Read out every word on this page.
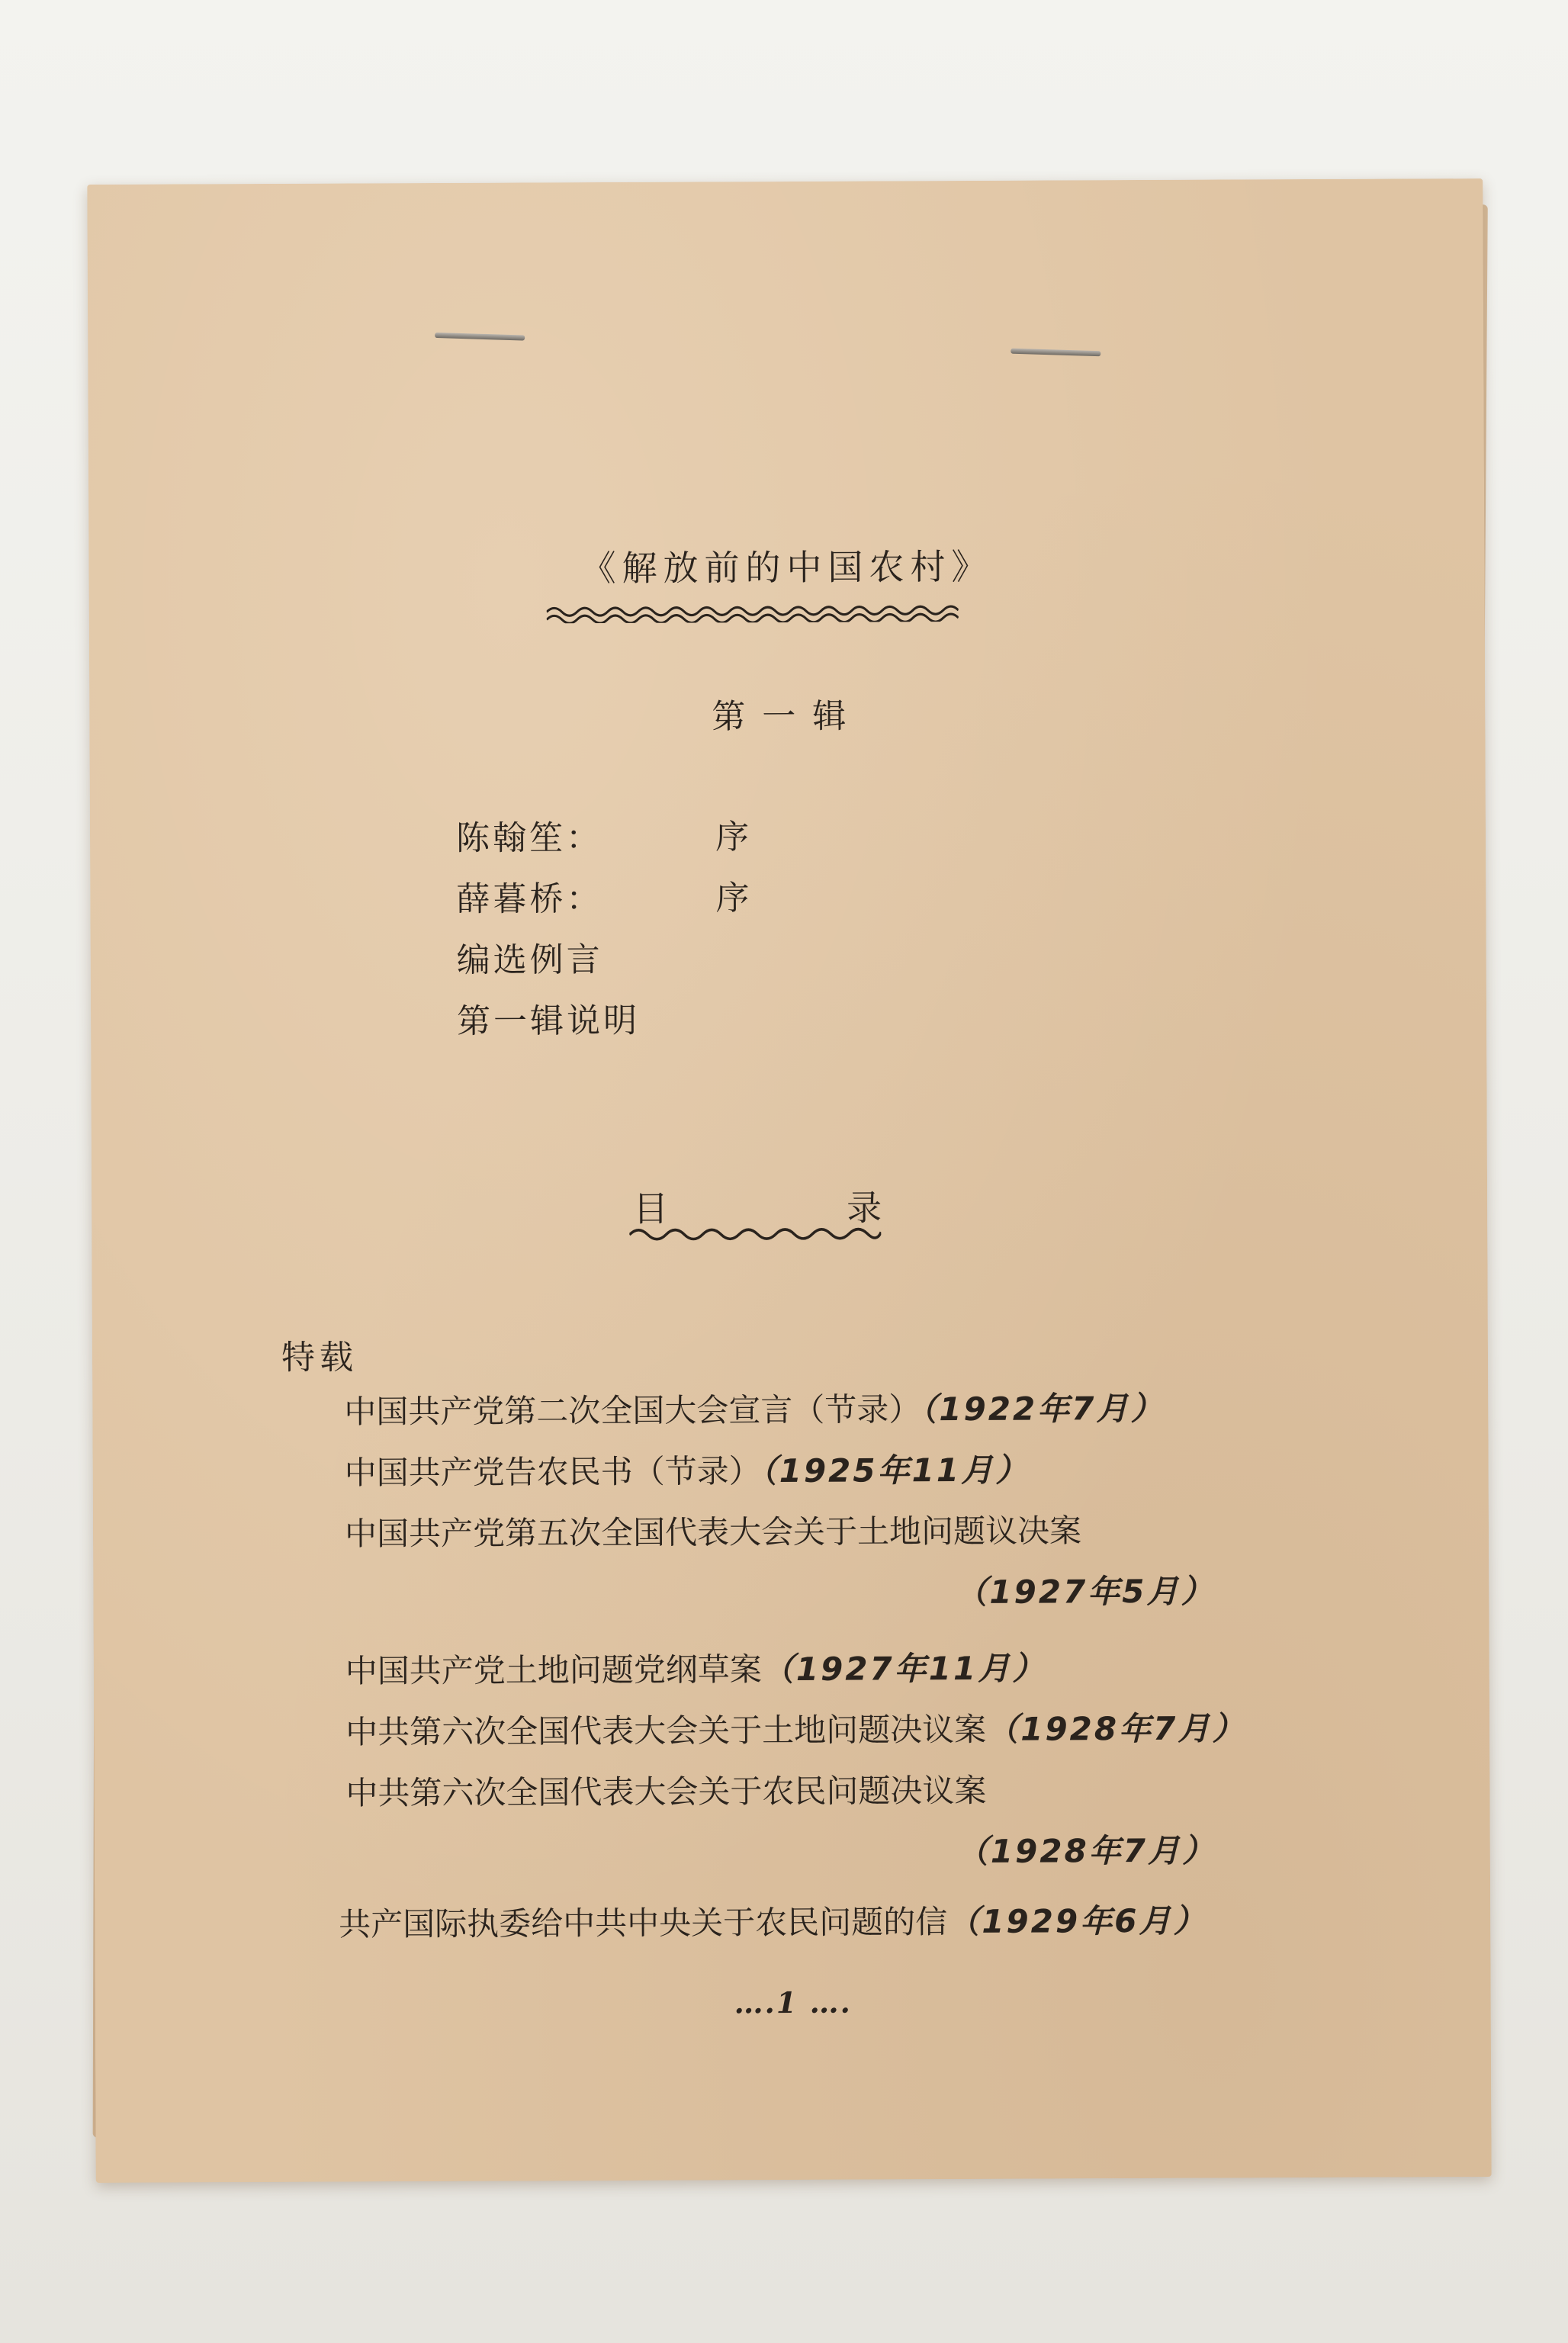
《解放前的中国农村》
第一辑
陈翰笙：	序
薛暮桥：	序
编选例言
第一辑说明
目	录
特载
中国共产党第二次全国大会宣言（节录）（1922年7月）
中国共产党告农民书（节录）（1925年11月）
中国共产党第五次全国代表大会关于土地问题议决案
（1927年5月）
中国共产党土地问题党纲草案（1927年11月）
中共第六次全国代表大会关于土地问题决议案（1928年7月）
中共第六次全国代表大会关于农民问题决议案
（1928年7月）
共产国际执委给中共中央关于农民问题的信（1929年6月）
….1 ….
